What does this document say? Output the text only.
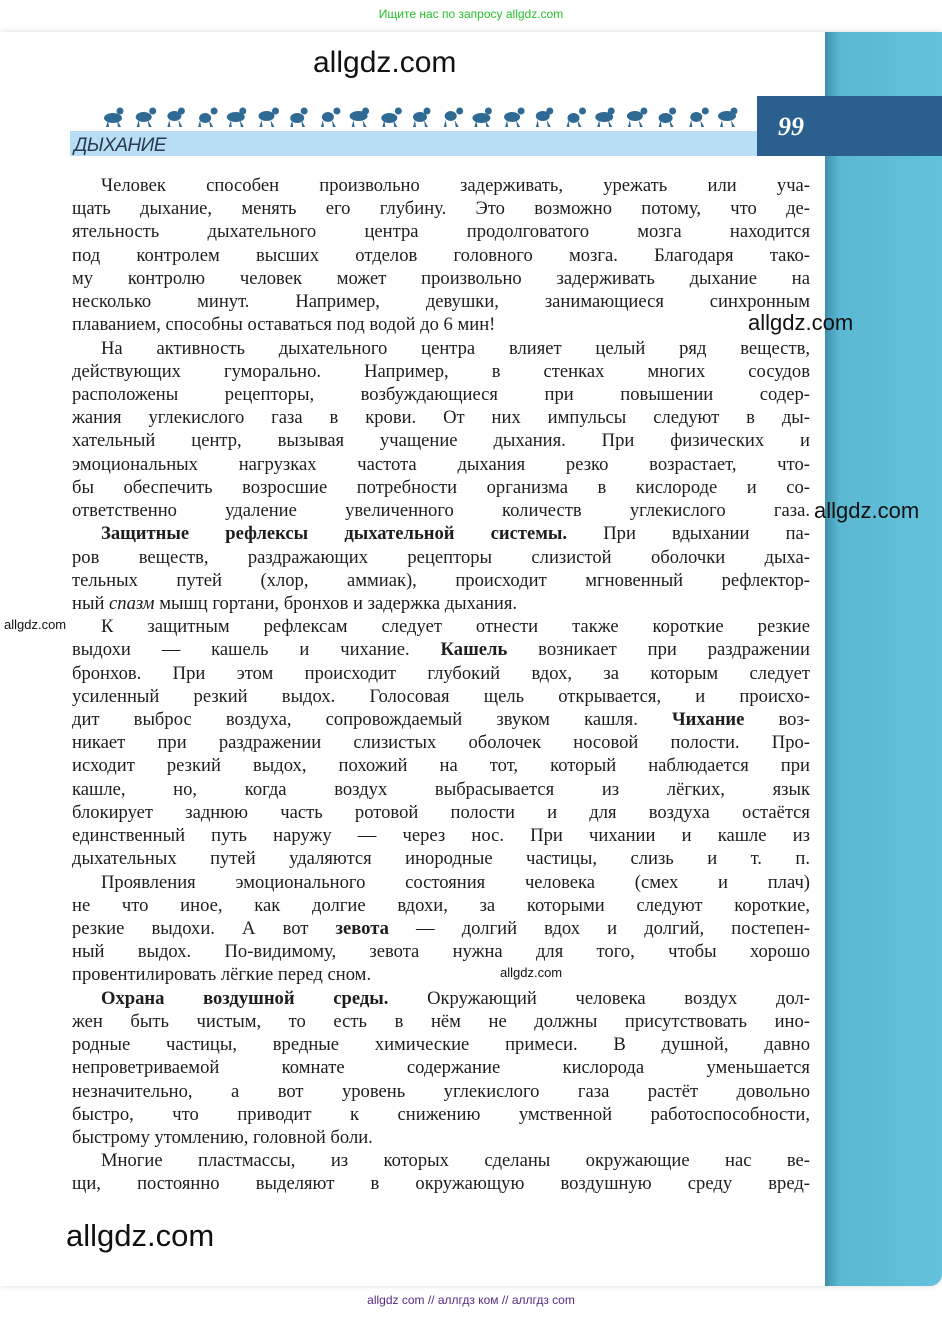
Ищите нас по запросу allgdz.com
99
ДЫХАНИЕ
allgdz.com
allgdz.com
allgdz.com
allgdz.com
Человек способен произвольно задерживать, урежать или уча-
щать дыхание, менять его глубину. Это возможно потому, что де-
ятельность дыхательного центра продолговатого мозга находится
под контролем высших отделов головного мозга. Благодаря тако-
му контролю человек может произвольно задерживать дыхание на
несколько минут. Например, девушки, занимающиеся синхронным
плаванием, способны оставаться под водой до 6 мин!
На активность дыхательного центра влияет целый ряд веществ,
действующих гуморально. Например, в стенках многих сосудов
расположены рецепторы, возбуждающиеся при повышении содер-
жания углекислого газа в крови. От них импульсы следуют в ды-
хательный центр, вызывая учащение дыхания. При физических и
эмоциональных нагрузках частота дыхания резко возрастает, что-
бы обеспечить возросшие потребности организма в кислороде и со-
ответственно удаление увеличенного количеств углекислого газа.
Защитные рефлексы дыхательной системы. При вдыхании па-
ров веществ, раздражающих рецепторы слизистой оболочки дыха-
тельных путей (хлор, аммиак), происходит мгновенный рефлектор-
ный спазм мышц гортани, бронхов и задержка дыхания.
К защитным рефлексам следует отнести также короткие резкие
выдохи — кашель и чихание. Кашель возникает при раздражении
бронхов. При этом происходит глубокий вдох, за которым следует
усиленный резкий выдох. Голосовая щель открывается, и происхо-
дит выброс воздуха, сопровождаемый звуком кашля. Чихание воз-
никает при раздражении слизистых оболочек носовой полости. Про-
исходит резкий выдох, похожий на тот, который наблюдается при
кашле, но, когда воздух выбрасывается из лёгких, язык
блокирует заднюю часть ротовой полости и для воздуха остаётся
единственный путь наружу — через нос. При чихании и кашле из
дыхательных путей удаляются инородные частицы, слизь и т. п.
Проявления эмоционального состояния человека (смех и плач)
не что иное, как долгие вдохи, за которыми следуют короткие,
резкие выдохи. А вот зевота — долгий вдох и долгий, постепен-
ный выдох. По-видимому, зевота нужна для того, чтобы хорошо
провентилировать лёгкие перед сном.
Охрана воздушной среды. Окружающий человека воздух дол-
жен быть чистым, то есть в нём не должны присутствовать ино-
родные частицы, вредные химические примеси. В душной, давно
непроветриваемой комнате содержание кислорода уменьшается
незначительно, а вот уровень углекислого газа растёт довольно
быстро, что приводит к снижению умственной работоспособности,
быстрому утомлению, головной боли.
Многие пластмассы, из которых сделаны окружающие нас ве-
щи, постоянно выделяют в окружающую воздушную среду вред-
allgdz.com
allgdz.com
allgdz com // аллгдз ком // аллгдз com
